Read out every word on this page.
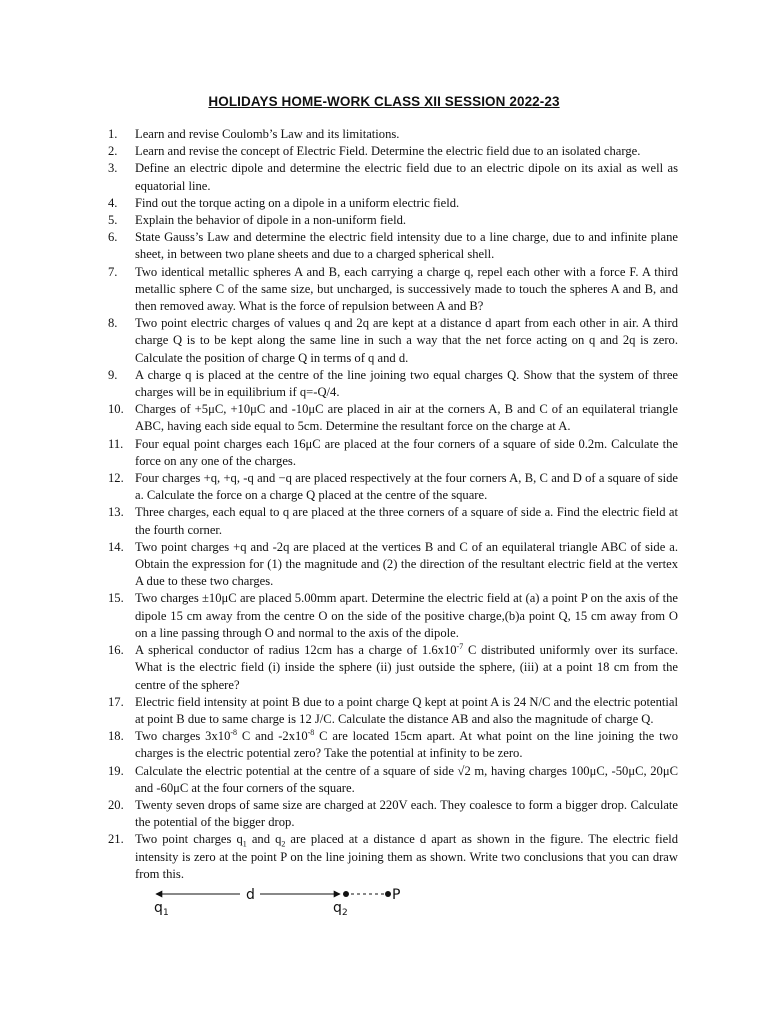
HOLIDAYS HOME-WORK CLASS XII SESSION 2022-23
1.	Learn and revise Coulomb’s Law and its limitations.
2.	Learn and revise the concept of Electric Field. Determine the electric field due to an isolated charge.
3.	Define an electric dipole and determine the electric field due to an electric dipole on its axial as well as equatorial line.
4.	Find out the torque acting on a dipole in a uniform electric field.
5.	Explain the behavior of dipole in a non-uniform field.
6.	State Gauss’s Law and determine the electric field intensity due to a line charge, due to and infinite plane sheet, in between two plane sheets and due to a charged spherical shell.
7.	Two identical metallic spheres A and B, each carrying a charge q, repel each other with a force F. A third metallic sphere C of the same size, but uncharged, is successively made to touch the spheres A and B, and then removed away. What is the force of repulsion between A and B?
8.	Two point electric charges of values q and 2q are kept at a distance d apart from each other in air. A third charge Q is to be kept along the same line in such a way that the net force acting on q and 2q is zero. Calculate the position of charge Q in terms of q and d.
9.	A charge q is placed at the centre of the line joining two equal charges Q. Show that the system of three charges will be in equilibrium if q=-Q/4.
10. Charges of +5μC, +10μC and -10μC are placed in air at the corners A, B and C of an equilateral triangle ABC, having each side equal to 5cm. Determine the resultant force on the charge at A.
11. Four equal point charges each 16μC are placed at the four corners of a square of side 0.2m. Calculate the force on any one of the charges.
12. Four charges +q, +q, -q and −q are placed respectively at the four corners A, B, C and D of a square of side a. Calculate the force on a charge Q placed at the centre of the square.
13. Three charges, each equal to q are placed at the three corners of a square of side a. Find the electric field at the fourth corner.
14. Two point charges +q and -2q are placed at the vertices B and C of an equilateral triangle ABC of side a. Obtain the expression for (1) the magnitude and (2) the direction of the resultant electric field at the vertex A due to these two charges.
15. Two charges ±10μC are placed 5.00mm apart. Determine the electric field at (a) a point P on the axis of the dipole 15 cm away from the centre O on the side of the positive charge,(b)a point Q, 15 cm away from O on a line passing through O and normal to the axis of the dipole.
16. A spherical conductor of radius 12cm has a charge of $1.6x10^{-7}$ C distributed uniformly over its surface. What is the electric field (i) inside the sphere (ii) just outside the sphere, (iii) at a point 18 cm from the centre of the sphere?
17. Electric field intensity at point B due to a point charge Q kept at point A is 24 N/C and the electric potential at point B due to same charge is 12 J/C. Calculate the distance AB and also the magnitude of charge Q.
18. Two charges $3x10^{-8}$ C and $-2x10^{-8}$ C are located 15cm apart. At what point on the line joining the two charges is the electric potential zero? Take the potential at infinity to be zero.
19. Calculate the electric potential at the centre of a square of side √2 m, having charges 100μC, -50μC, 20μC and -60μC at the four corners of the square.
20. Twenty seven drops of same size are charged at 220V each. They coalesce to form a bigger drop. Calculate the potential of the bigger drop.
21. Two point charges $q_1$ and $q_2$ are placed at a distance d apart as shown in the figure. The electric field intensity is zero at the point P on the line joining them as shown. Write two conclusions that you can draw from this.
d	P
q 1	q 2
